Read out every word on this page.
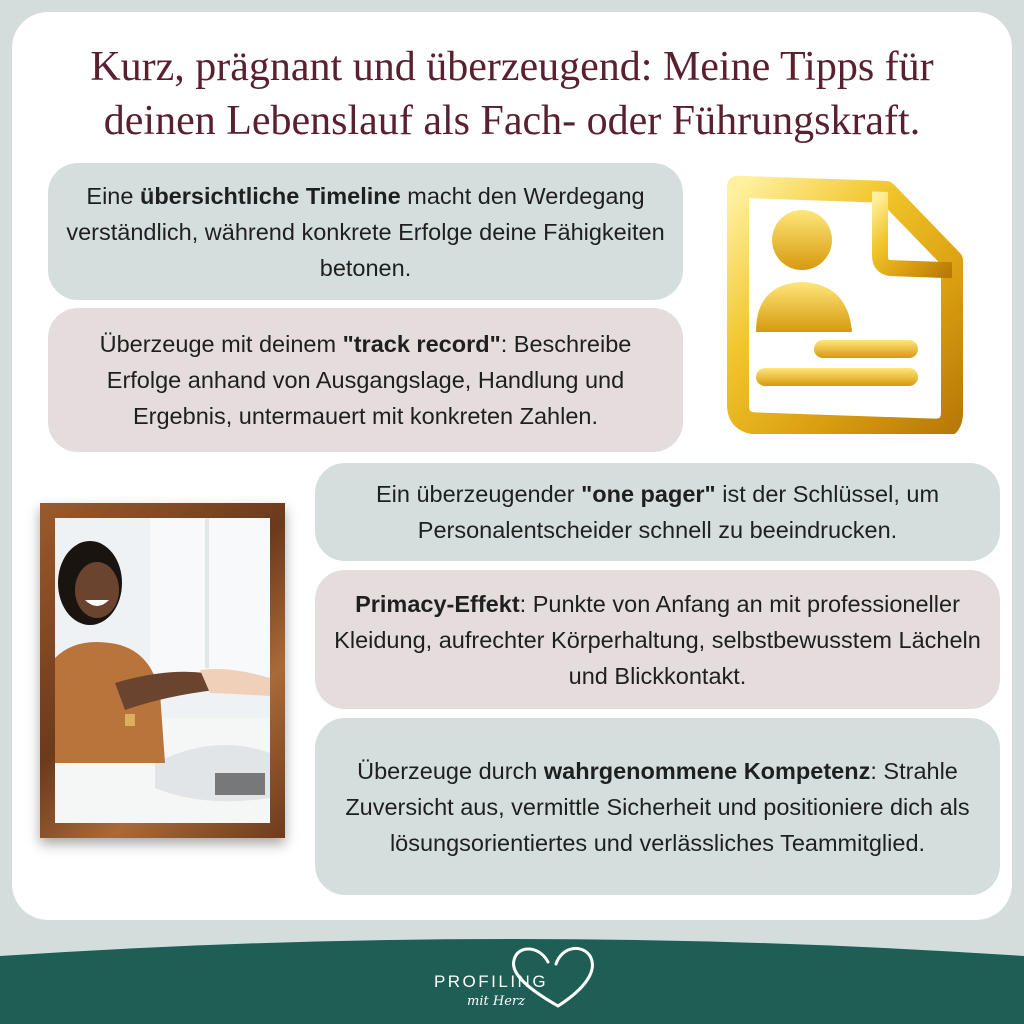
Kurz, prägnant und überzeugend: Meine Tipps für
deinen Lebenslauf als Fach- oder Führungskraft.

Eine übersichtliche Timeline macht den Werdegang verständlich, während konkrete Erfolge deine Fähigkeiten betonen.

Überzeuge mit deinem "track record": Beschreibe Erfolge anhand von Ausgangslage, Handlung und Ergebnis, untermauert mit konkreten Zahlen.

Ein überzeugender "one pager" ist der Schlüssel, um Personalentscheider schnell zu beeindrucken.

Primacy-Effekt: Punkte von Anfang an mit professioneller Kleidung, aufrechter Körperhaltung, selbstbewusstem Lächeln und Blickkontakt.

Überzeuge durch wahrgenommene Kompetenz: Strahle Zuversicht aus, vermittle Sicherheit und positioniere dich als lösungsorientiertes und verlässliches Teammitglied.

PROFILING
mit Herz
